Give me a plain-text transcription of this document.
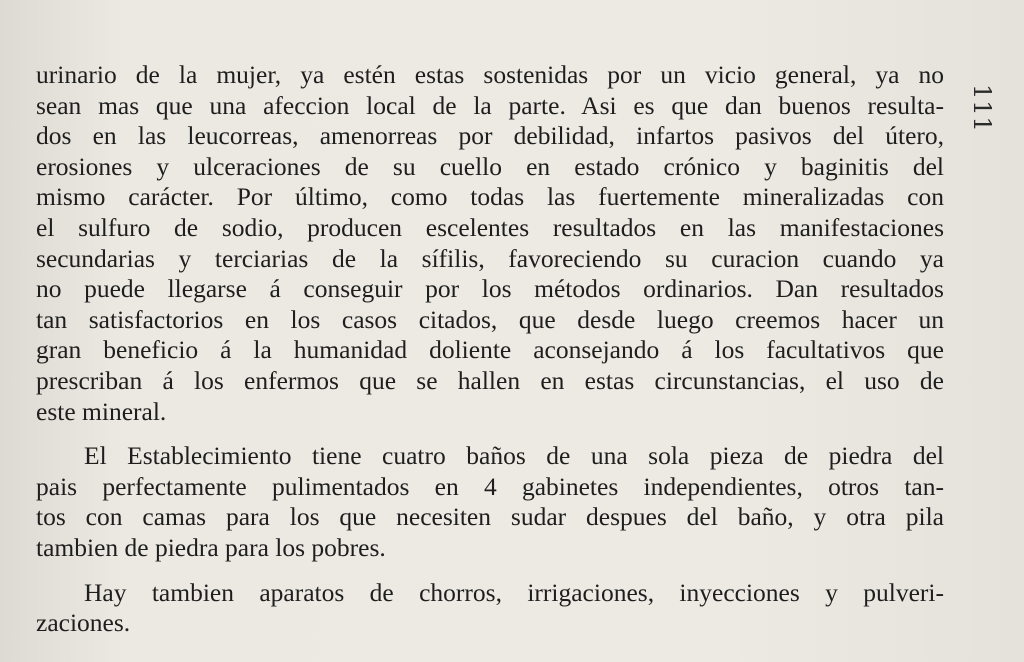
111
urinario de la mujer, ya estén estas sostenidas por un vicio general, ya no
sean mas que una afeccion local de la parte. Asi es que dan buenos resulta-
dos en las leucorreas, amenorreas por debilidad, infartos pasivos del útero,
erosiones y ulceraciones de su cuello en estado crónico y baginitis del
mismo carácter. Por último, como todas las fuertemente mineralizadas con
el sulfuro de sodio, producen escelentes resultados en las manifestaciones
secundarias y terciarias de la sífilis, favoreciendo su curacion cuando ya
no puede llegarse á conseguir por los métodos ordinarios. Dan resultados
tan satisfactorios en los casos citados, que desde luego creemos hacer un
gran beneficio á la humanidad doliente aconsejando á los facultativos que
prescriban á los enfermos que se hallen en estas circunstancias, el uso de
este mineral.
El Establecimiento tiene cuatro baños de una sola pieza de piedra del
pais perfectamente pulimentados en 4 gabinetes independientes, otros tan-
tos con camas para los que necesiten sudar despues del baño, y otra pila
tambien de piedra para los pobres.
Hay tambien aparatos de chorros, irrigaciones, inyecciones y pulveri-
zaciones.
